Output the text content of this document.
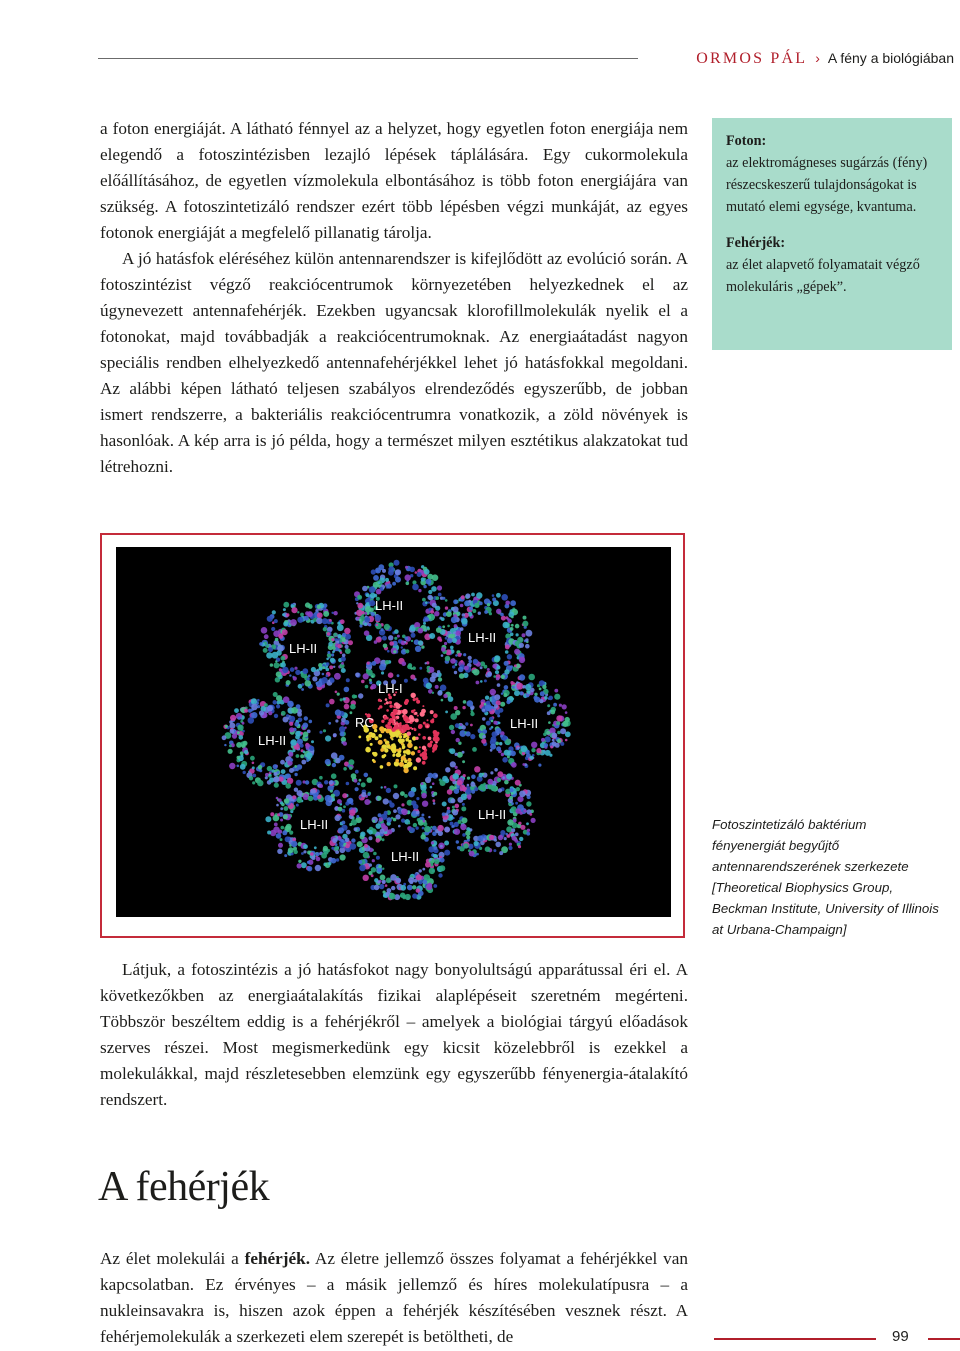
ORMOS PÁL › A fény a biológiában

a foton energiáját. A látható fénnyel az a helyzet, hogy egyetlen foton energiája nem elegendő a fotoszintézisben lezajló lépések táplálására. Egy cukormolekula előállításához, de egyetlen vízmolekula elbontásához is több foton energiájára van szükség. A fotoszintetizáló rendszer ezért több lépésben végzi munkáját, az egyes fotonok energiáját a megfelelő pillanatig tárolja.

A jó hatásfok eléréséhez külön antennarendszer is kifejlődött az evolúció során. A fotoszintézist végző reakciócentrumok környezetében helyezkednek el az úgynevezett antennafehérjék. Ezekben ugyancsak klorofillmolekulák nyelik el a fotonokat, majd továbbadják a reakciócentrumoknak. Az energiaátadást nagyon speciális rendben elhelyezkedő antennafehérjékkel lehet jó hatásfokkal megoldani. Az alábbi képen látható teljesen szabályos elrendeződés egyszerűbb, de jobban ismert rendszerre, a bakteriális reakciócentrumra vonatkozik, a zöld növények is hasonlóak. A kép arra is jó példa, hogy a természet milyen esztétikus alakzatokat tud létrehozni.

Foton:
az elektromágneses sugárzás (fény) részecskeszerű tulajdonságokat is mutató elemi egysége, kvantuma.
Fehérjék:
az élet alapvető folyamatait végző molekuláris „gépek”.
LH-II
LH-II
LH-II
LH-II
LH-II
LH-II
LH-II
LH-II
LH-I
RC
Fotoszintetizáló baktérium fényenergiát begyűjtő antennarendszerének szerkezete [Theoretical Biophysics Group, Beckman Institute, University of Illinois at Urbana-Champaign]

Látjuk, a fotoszintézis a jó hatásfokot nagy bonyolultságú apparátussal éri el. A következőkben az energiaátalakítás fizikai alaplépéseit szeretném megérteni. Többször beszéltem eddig is a fehérjékről – amelyek a biológiai tárgyú előadások szerves részei. Most megismerkedünk egy kicsit közelebbről is ezekkel a molekulákkal, majd részletesebben elemzünk egy egyszerűbb fényenergia-átalakító rendszert.

A fehérjék

Az élet molekulái a fehérjék. Az életre jellemző összes folyamat a fehérjékkel van kapcsolatban. Ez érvényes – a másik jellemző és híres molekulatípusra – a nukleinsavakra is, hiszen azok éppen a fehérjék készítésében vesznek részt. A fehérjemolekulák a szerkezeti elem szerepét is betöltheti, de	99
